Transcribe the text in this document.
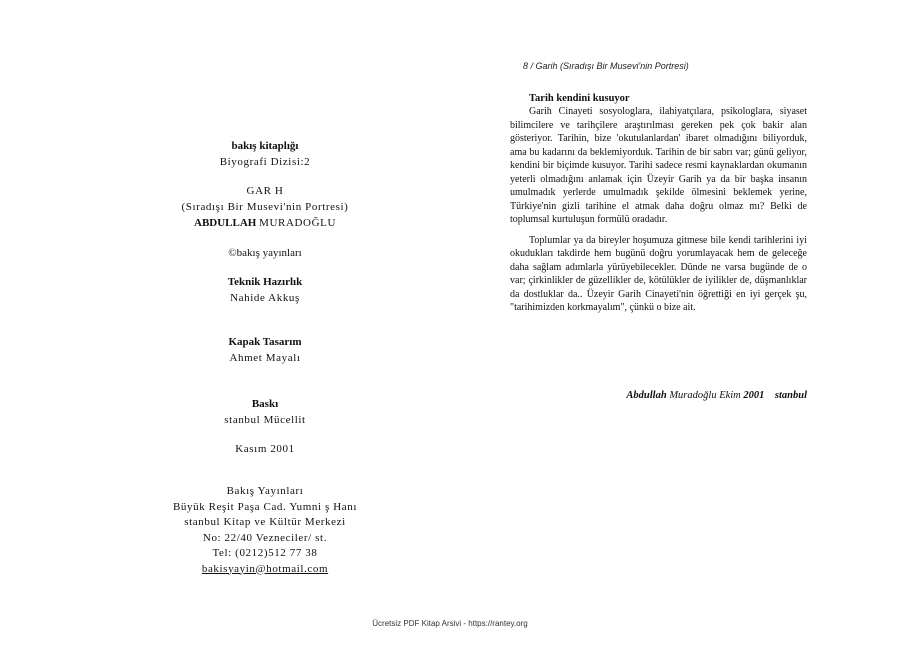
bakış kitaplığı
Biyografi Dizisi:2
GAR H
(Sıradışı Bir Musevi'nin Portresi)
ABDULLAH MURADOĞLU
©bakış yayınları
Teknik Hazırlık
Nahide Akkuş
Kapak Tasarım
Ahmet Mayalı
Baskı
stanbul Mücellit
Kasım 2001
Bakış Yayınları
Büyük Reşit Paşa Cad. Yumni ş Hanı
stanbul Kitap ve Kültür Merkezi
No: 22/40 Vezneciler/ st.
Tel: (0212)512 77 38
bakisyayin@hotmail.com
8 / Garih (Sıradışı Bir Musevi'nin Portresi)
Tarih kendini kusuyor

Garih Cinayeti sosyologlara, ilahiyatçılara, psikologlara, siyaset bilimcilere ve tarihçilere araştırılması gereken pek çok bakir alan gösteriyor. Tarihin, bize 'okutulanlardan' ibaret olmadığını biliyorduk, ama bu kadarını da beklemiyorduk. Tarihin de bir sabrı var; günü geliyor, kendini bir biçimde kusuyor. Tarihi sadece resmi kaynaklardan okumanın yeterli olmadığını anlamak için Üzeyir Garih ya da bir başka insanın umulmadık yerlerde umulmadık şekilde ölmesini beklemek yerine, Türkiye'nin gizli tarihine el atmak daha doğru olmaz mı? Belki de toplumsal kurtuluşun formülü oradadır.

Toplumlar ya da bireyler hoşumuza gitmese bile kendi tarihlerini iyi okudukları takdirde hem bugünü doğru yorumlayacak hem de geleceğe daha sağlam adımlarla yürüyebilecekler. Dünde ne varsa bugünde de o var; çirkinlikler de güzellikler de, kötülükler de iyilikler de, düşmanlıklar da dostluklar da.. Üzeyir Garih Cinayeti'nin öğrettiği en iyi gerçek şu, "tarihimizden korkmayalım", çünkü o bize ait.

Abdullah Muradoğlu Ekim 2001 stanbul
Ücretsiz PDF Kitap Arsivi - https://rantey.org
